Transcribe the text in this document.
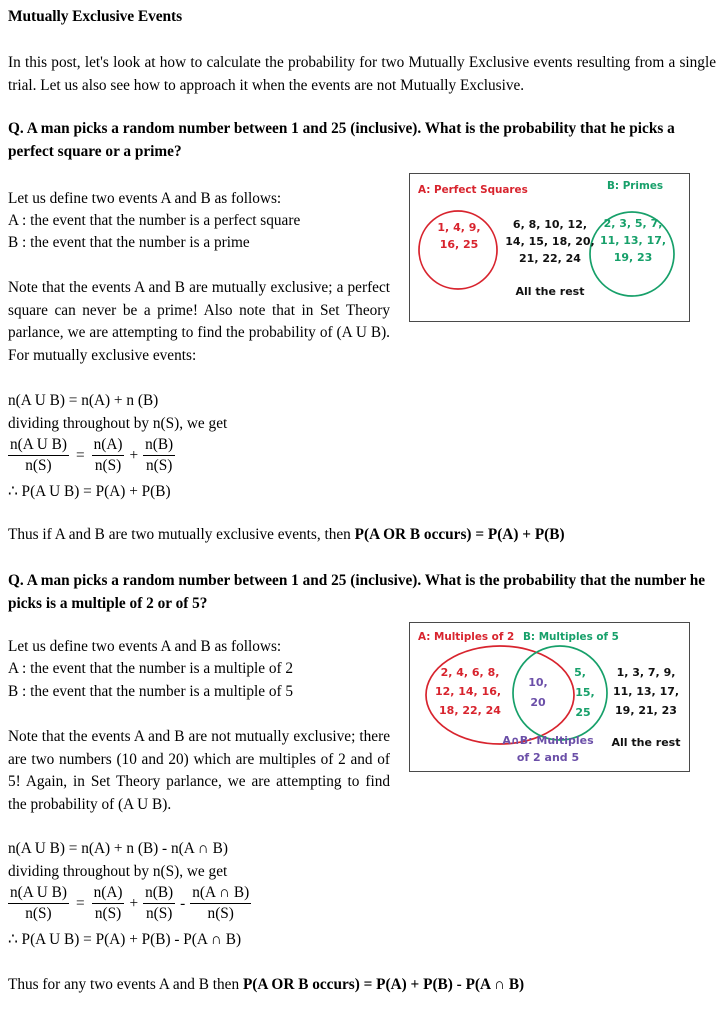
Mutually Exclusive Events
In this post, let's look at how to calculate the probability for two Mutually Exclusive events resulting from a single trial. Let us also see how to approach it when the events are not Mutually Exclusive.
Q. A man picks a random number between 1 and 25 (inclusive). What is the probability that he picks a perfect square or a prime?
Let us define two events A and B as follows:
A : the event that the number is a perfect square
B : the event that the number is a prime
Note that the events A and B are mutually exclusive; a perfect square can never be a prime! Also note that in Set Theory parlance, we are attempting to find the probability of (A U B). For mutually exclusive events:
A: Perfect Squares	B: Primes
1, 4, 9,
16, 25
2, 3, 5, 7,
11, 13, 17,
19, 23
6, 8, 10, 12,
14, 15, 18, 20,
21, 22, 24
All the rest
n(A U B) = n(A) + n (B)
dividing throughout by n(S), we get
$\frac{\text{n(A U B)}}{n(S)} = \frac{n(A)}{n(S)} + \frac{n(B)}{n(S)}$
∴ P(A U B) = P(A) + P(B)
Thus if A and B are two mutually exclusive events, then P(A OR B occurs) = P(A) + P(B)
Q. A man picks a random number between 1 and 25 (inclusive). What is the probability that the number he picks is a multiple of 2 or of 5?
Let us define two events A and B as follows:
A : the event that the number is a multiple of 2
B : the event that the number is a multiple of 5
Note that the events A and B are not mutually exclusive; there are two numbers (10 and 20) which are multiples of 2 and of 5! Again, in Set Theory parlance, we are attempting to find the probability of (A U B).
A: Multiples of 2 B: Multiples of 5
2, 4, 6, 8,
12, 14, 16,
18, 22, 24
10,
20
5,
15,
25
A∩B: Multiples
of 2 and 5
1, 3, 7, 9,
11, 13, 17,
19, 21, 23
All the rest
n(A U B) = n(A) + n (B) - n(A ∩ B)
dividing throughout by n(S), we get
$\frac{\text{n(A U B)}}{n(S)} = \frac{n(A)}{n(S)} + \frac{n(B)}{n(S)} - \frac{n(A \cap B)}{n(S)}$
∴ P(A U B) = P(A) + P(B) - P(A ∩ B)
Thus for any two events A and B then P(A OR B occurs) = P(A) + P(B) - P(A ∩ B)
